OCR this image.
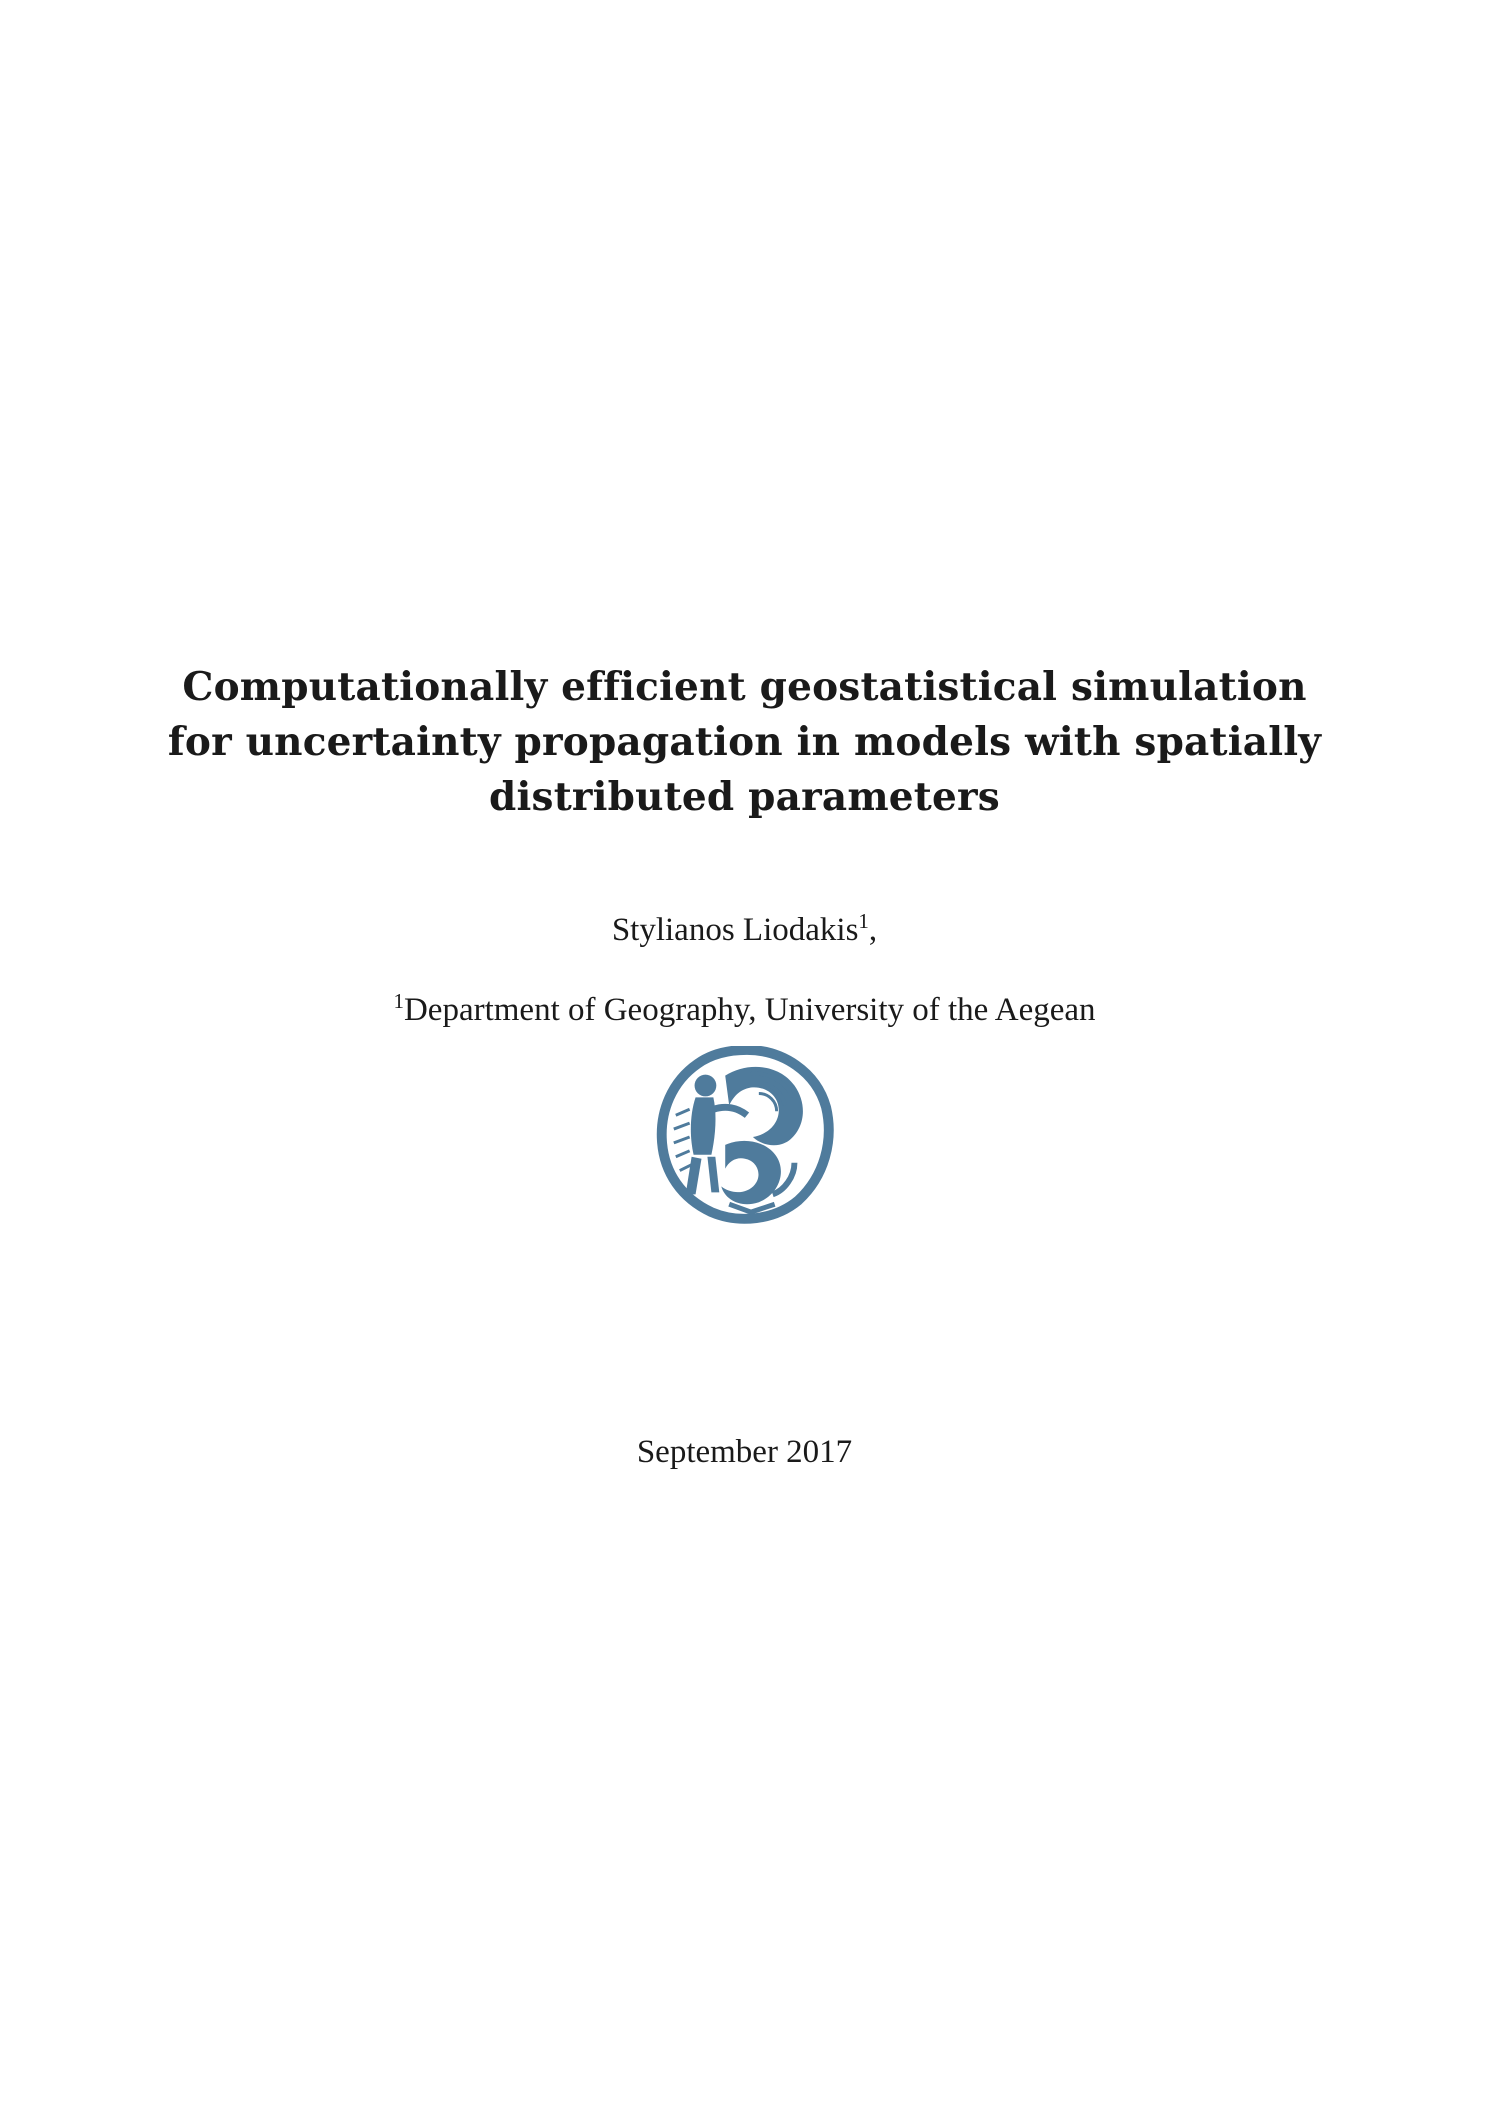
Computationally efficient geostatistical simulation
for uncertainty propagation in models with spatially
distributed parameters
Stylianos Liodakis$^1$,
$^1$Department of Geography, University of the Aegean
September 2017
